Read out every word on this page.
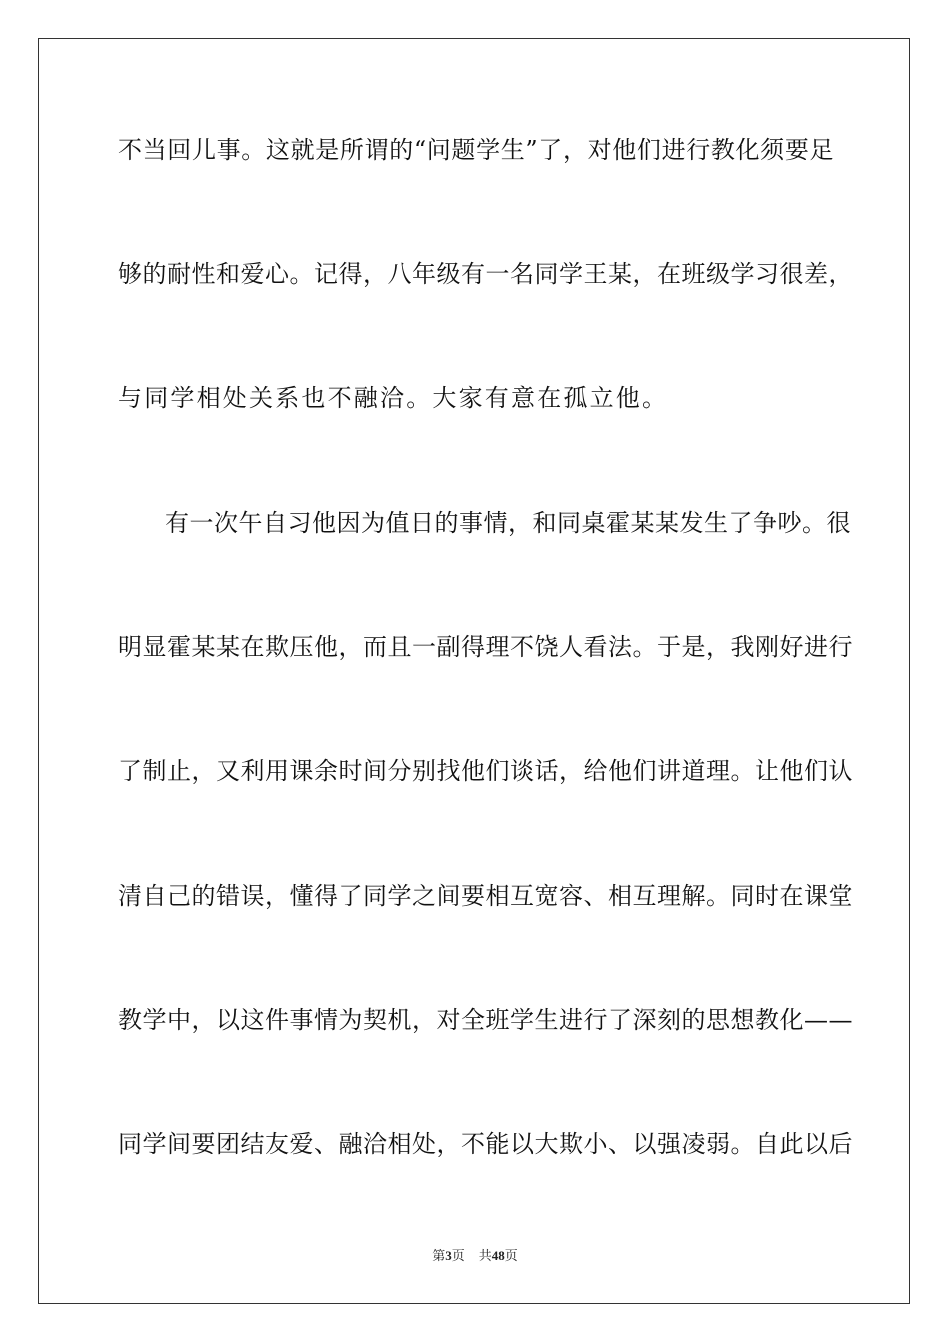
不当回儿事。这就是所谓的“问题学生”了，对他们进行教化须要足
够的耐性和爱心。记得，八年级有一名同学王某，在班级学习很差，
与同学相处关系也不融洽。大家有意在孤立他。
有一次午自习他因为值日的事情，和同桌霍某某发生了争吵。很
明显霍某某在欺压他，而且一副得理不饶人看法。于是，我刚好进行
了制止，又利用课余时间分别找他们谈话，给他们讲道理。让他们认
清自己的错误，懂得了同学之间要相互宽容、相互理解。同时在课堂
教学中，以这件事情为契机，对全班学生进行了深刻的思想教化——
同学间要团结友爱、融洽相处，不能以大欺小、以强凌弱。自此以后
第3页 共48页
